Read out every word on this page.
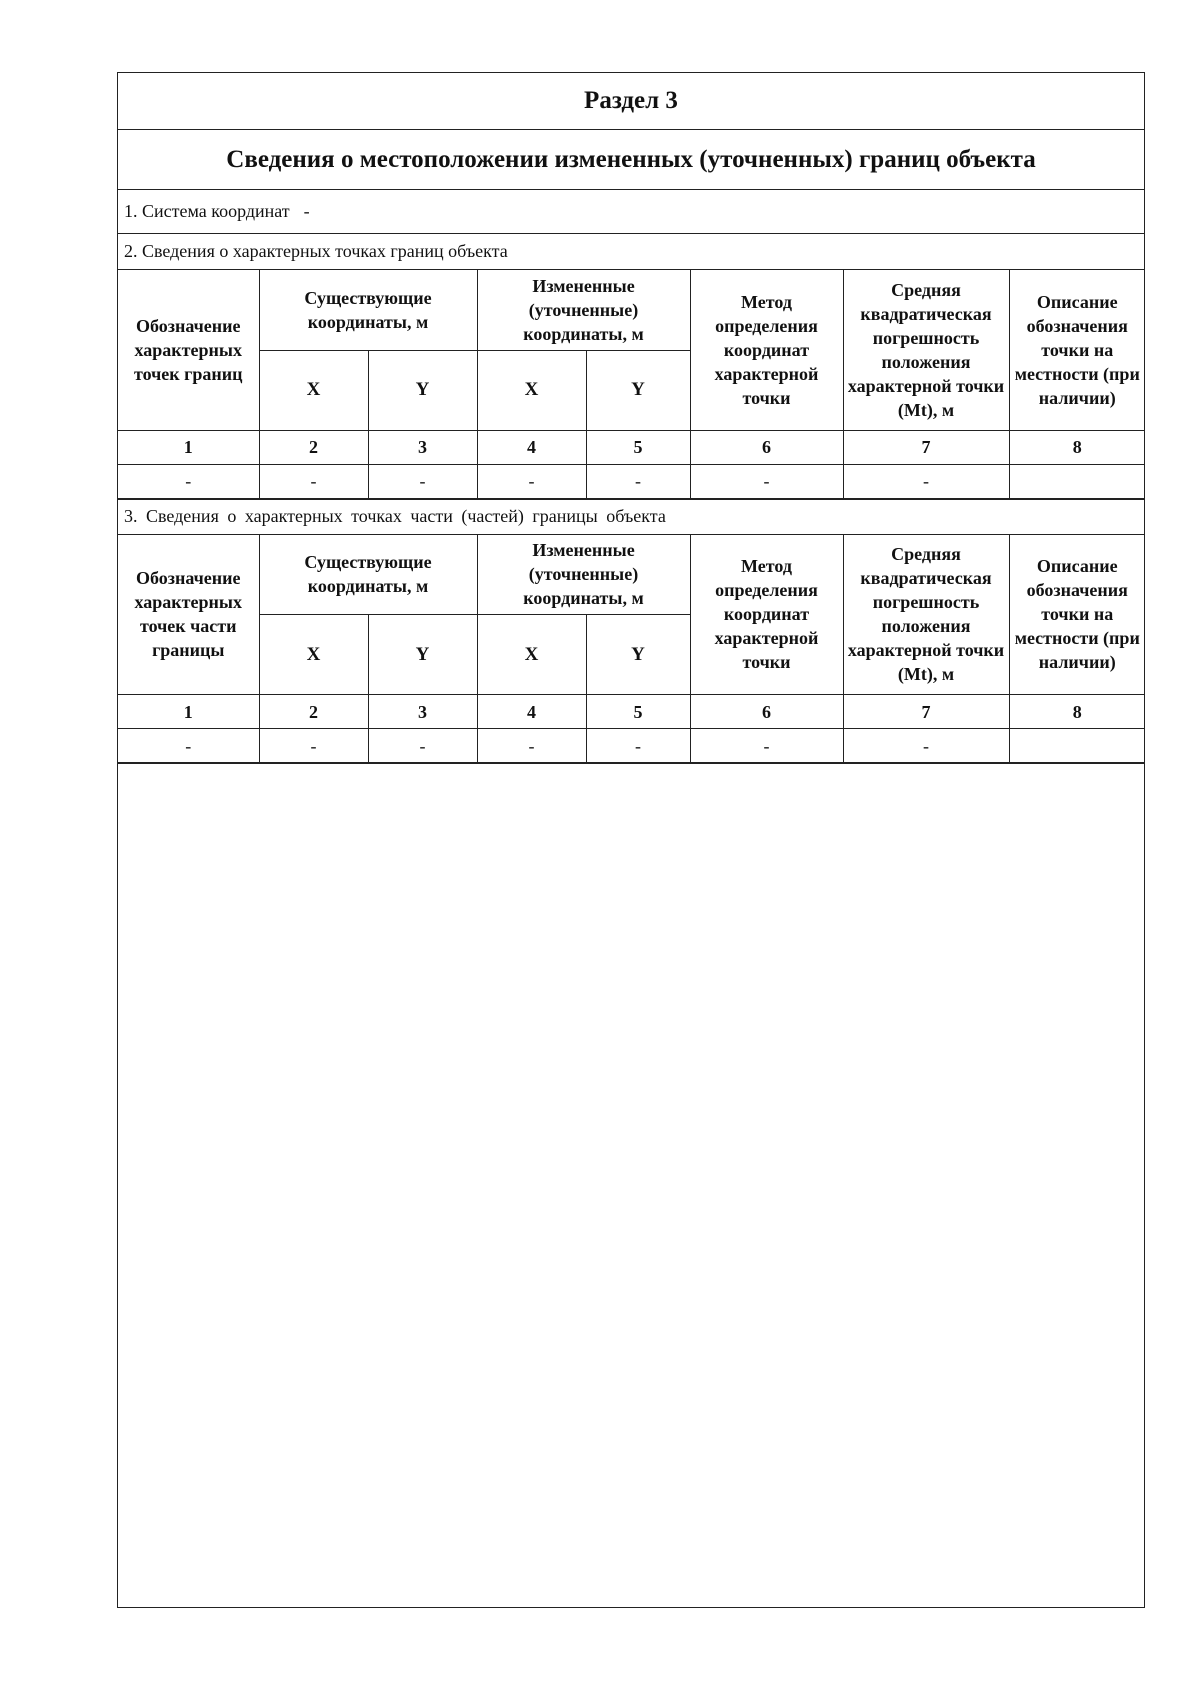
Раздел 3
Сведения о местоположении измененных (уточненных) границ объекта
1. Система координат -
2. Сведения о характерных точках границ объекта
Обозначение характерных точек границ	Существующие координаты, м		Измененные (уточненные) координаты, м		Метод определения координат характерной точки	Средняя квадратическая погрешность положения характерной точки (Mt), м	Описание обозначения точки на местности (при наличии)
	X	Y	X	Y			
1	2	3	4	5	6	7	8
-	-	-	-	-	-	-	
3. Сведения о характерных точках части (частей) границы объекта
Обозначение характерных точек части границы	Существующие координаты, м		Измененные (уточненные) координаты, м		Метод определения координат характерной точки	Средняя квадратическая погрешность положения характерной точки (Mt), м	Описание обозначения точки на местности (при наличии)
	X	Y	X	Y			
1	2	3	4	5	6	7	8
-	-	-	-	-	-	-	
